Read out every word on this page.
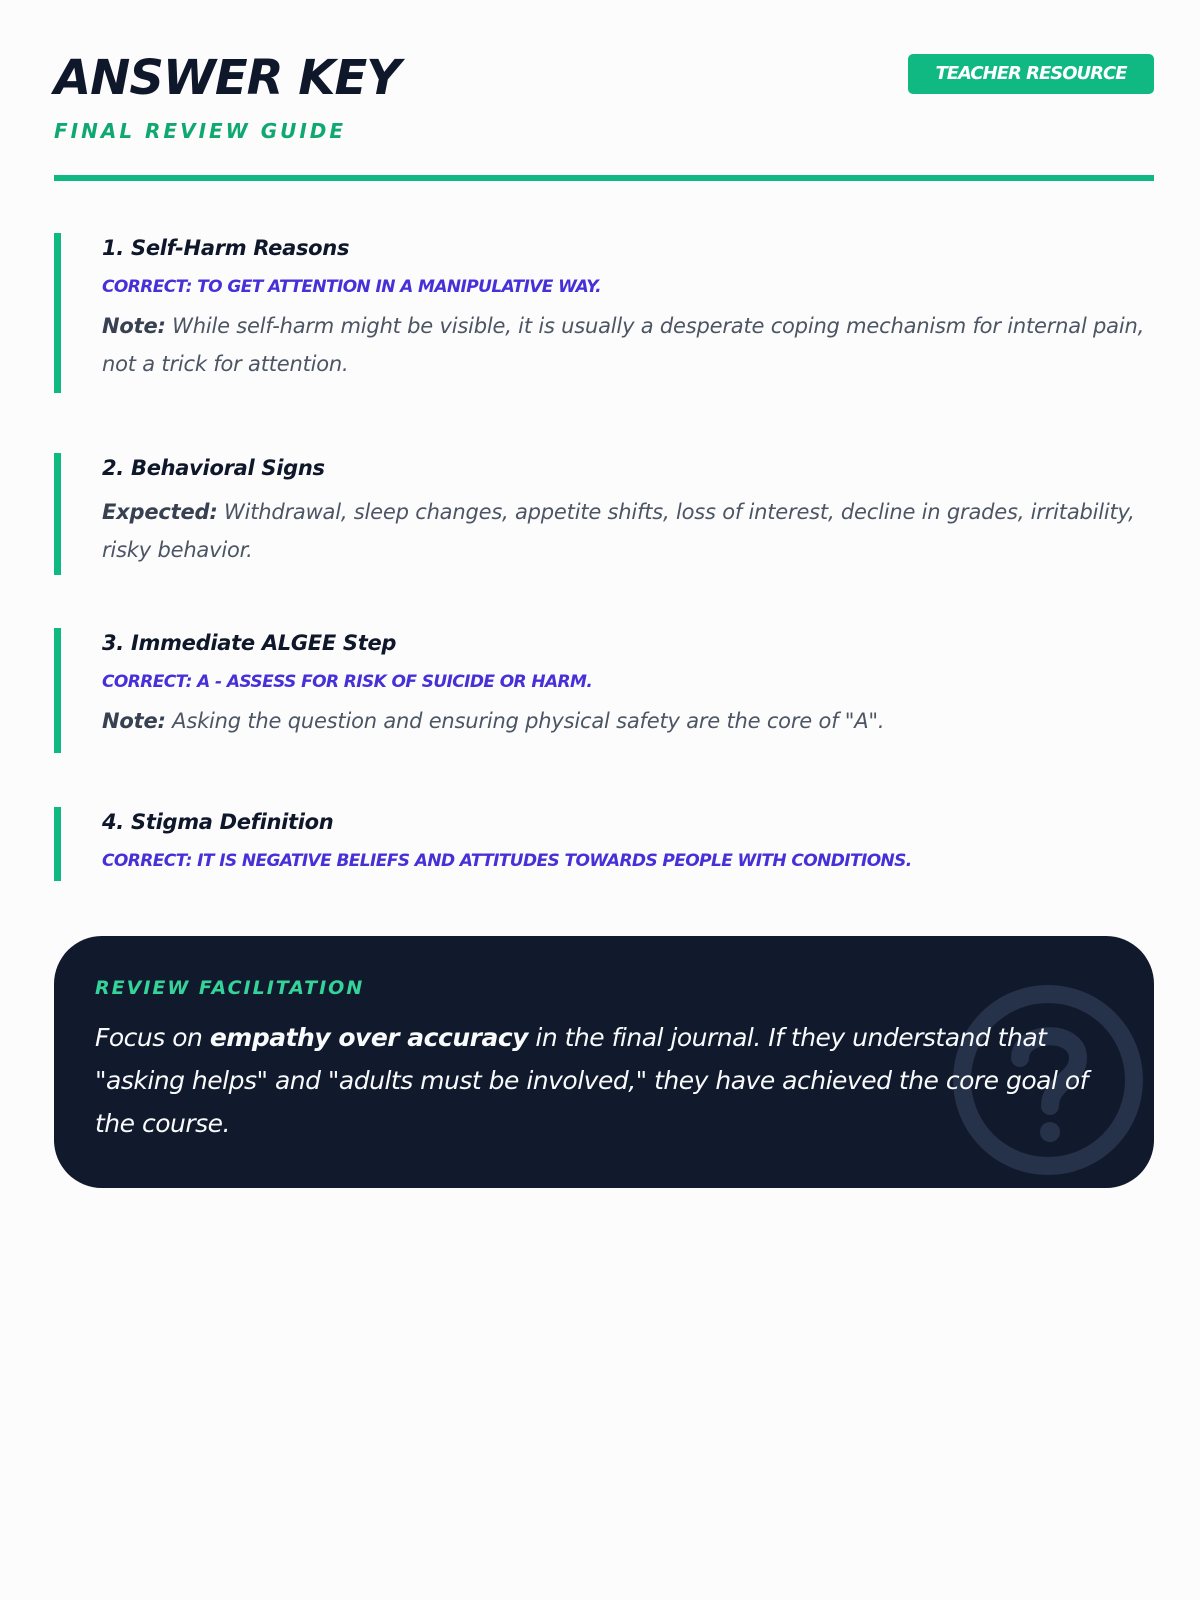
ANSWER KEY
FINAL REVIEW GUIDE
TEACHER RESOURCE
1. Self-Harm Reasons
CORRECT: TO GET ATTENTION IN A MANIPULATIVE WAY.
Note: While self-harm might be visible, it is usually a desperate coping mechanism for internal pain, not a trick for attention.
2. Behavioral Signs
Expected: Withdrawal, sleep changes, appetite shifts, loss of interest, decline in grades, irritability, risky behavior.
3. Immediate ALGEE Step
CORRECT: A - ASSESS FOR RISK OF SUICIDE OR HARM.
Note: Asking the question and ensuring physical safety are the core of "A".
4. Stigma Definition
CORRECT: IT IS NEGATIVE BELIEFS AND ATTITUDES TOWARDS PEOPLE WITH CONDITIONS.
REVIEW FACILITATION
Focus on empathy over accuracy in the final journal. If they understand that "asking helps" and "adults must be involved," they have achieved the core goal of the course.
